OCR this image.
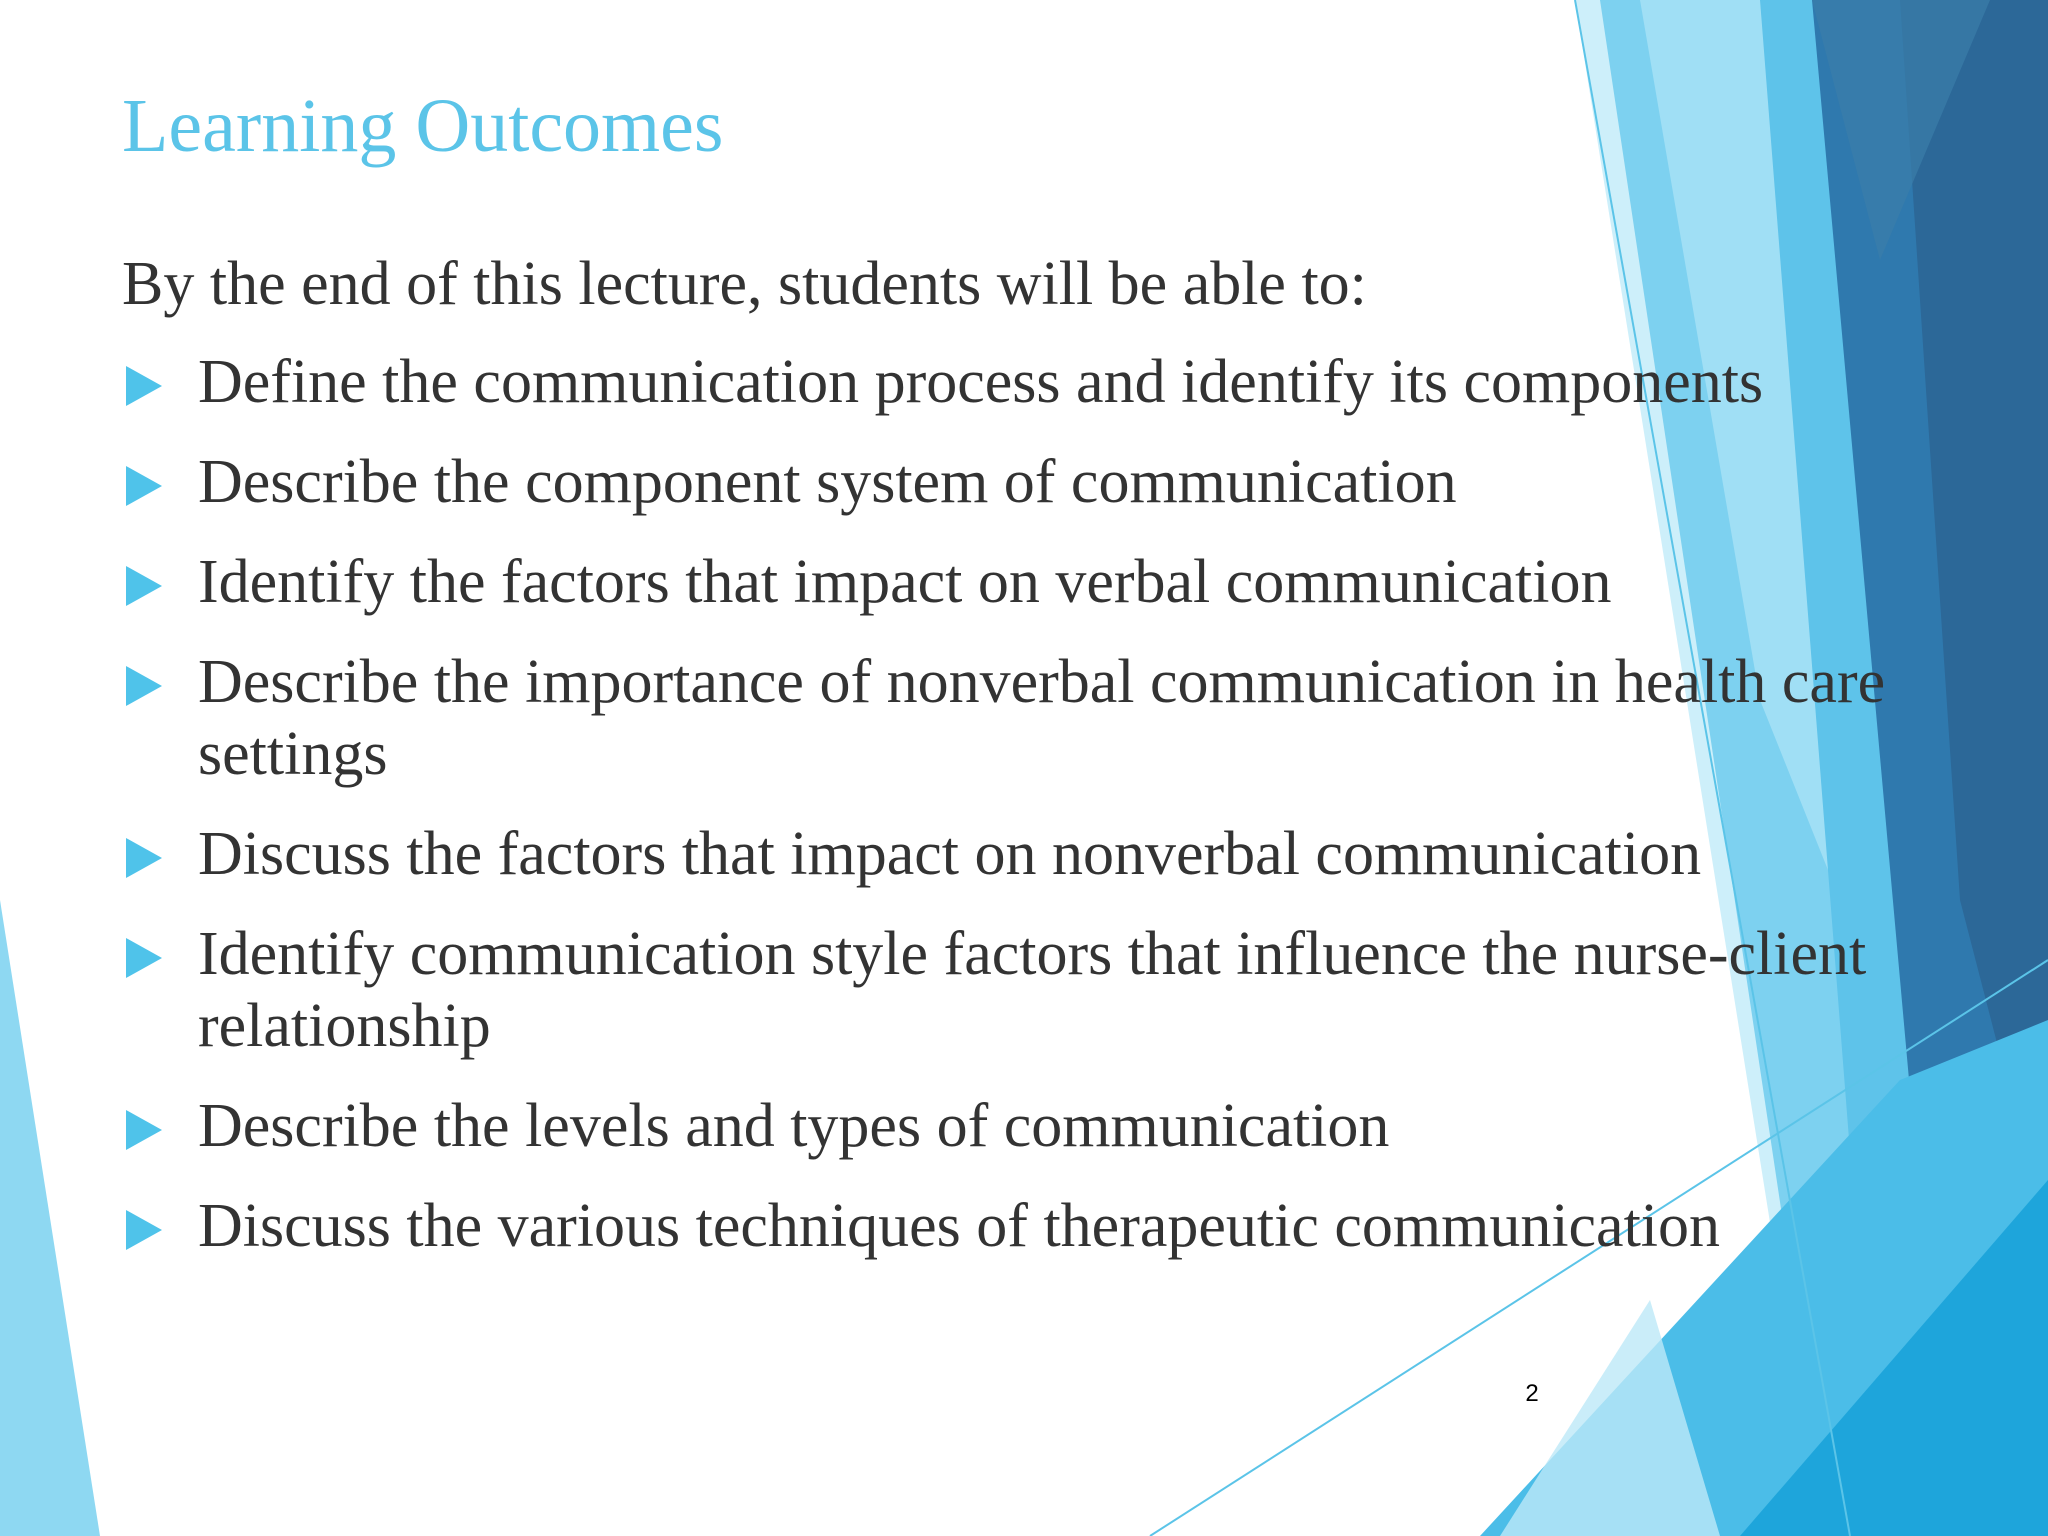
Learning Outcomes

By the end of this lecture, students will be able to:

Define the communication process and identify its components
Describe the component system of communication
Identify the factors that impact on verbal communication
Describe the importance of nonverbal communication in health care settings
Discuss the factors that impact on nonverbal communication
Identify communication style factors that influence the nurse-client relationship
Describe the levels and types of communication
Discuss the various techniques of therapeutic communication
2
